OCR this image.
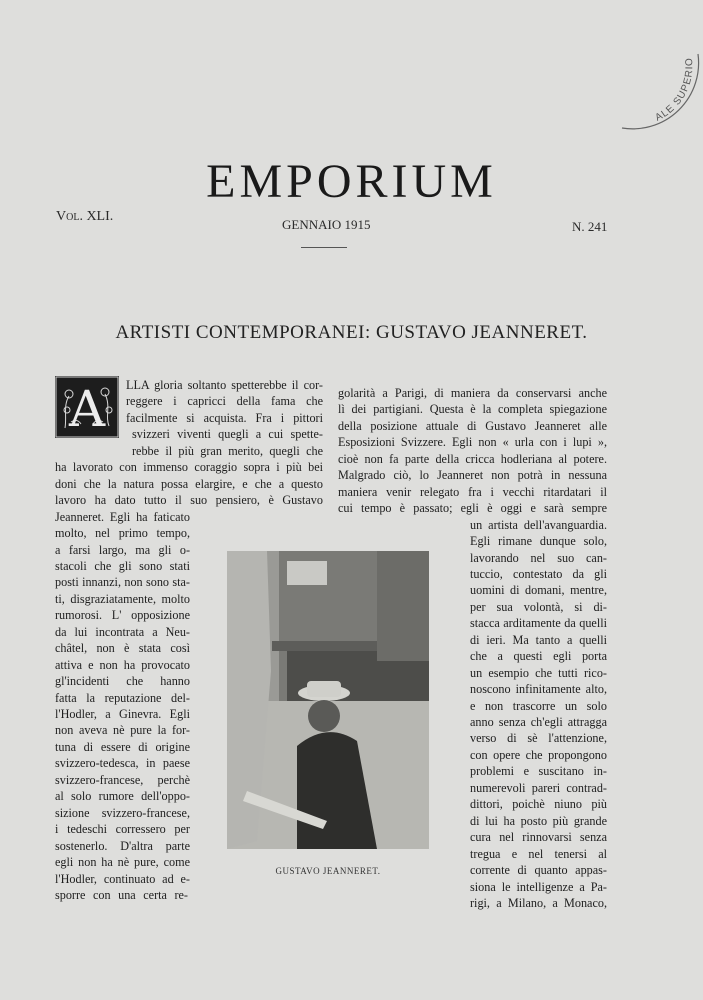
ALE SUPERIO
EMPORIUM
Vol. XLI.
GENNAIO 1915	N. 241
ARTISTI CONTEMPORANEI: GUSTAVO JEANNERET.
A LLA gloria soltanto spetterebbe il cor-
reggere i capricci della fama che
facilmente si acquista. Fra i pittori
svizzeri viventi quegli a cui spette-
rebbe il più gran merito, quegli che
ha lavorato con immenso coraggio sopra i più bei
doni che la natura possa elargire, e che a questo
lavoro ha dato tutto il suo pensiero, è Gustavo
Jeanneret. Egli ha faticato
molto, nel primo tempo,
a farsi largo, ma gli o-
stacoli che gli sono stati
posti innanzi, non sono sta-
ti, disgraziatamente, molto
rumorosi. L' opposizione
da lui incontrata a Neu-
châtel, non è stata così
attiva e non ha provocato
gl'incidenti che hanno
fatta la reputazione del-
l'Hodler, a Ginevra. Egli
non aveva nè pure la for-
tuna di essere di origine
svizzero-tedesca, in paese
svizzero-francese, perchè
al solo rumore dell'oppo-
sizione svizzero-francese,
i tedeschi corressero per
sostenerlo. D'altra parte
egli non ha nè pure, come
l'Hodler, continuato ad e-
sporre con una certa re-
golarità a Parigi, di maniera da conservarsi anche
lì dei partigiani. Questa è la completa spiegazione
della posizione attuale di Gustavo Jeanneret alle
Esposizioni Svizzere. Egli non « urla con i lupi »,
cioè non fa parte della cricca hodleriana al potere.
Malgrado ciò, lo Jeanneret non potrà in nessuna
maniera venir relegato fra i vecchi ritardatari il
cui tempo è passato; egli è oggi e sarà sempre
un artista dell'avanguardia.
Egli rimane dunque solo,
lavorando nel suo can-
tuccio, contestato da gli
uomini di domani, mentre,
per sua volontà, si di-
stacca arditamente da quelli
di ieri. Ma tanto a quelli
che a questi egli porta
un esempio che tutti rico-
noscono infinitamente alto,
e non trascorre un solo
anno senza ch'egli attragga
verso di sè l'attenzione,
con opere che propongono
problemi e suscitano in-
numerevoli pareri contrad-
dittori, poichè niuno più
di lui ha posto più grande
cura nel rinnovarsi senza
tregua e nel tenersi al
corrente di quanto appas-
siona le intelligenze a Pa-
rigi, a Milano, a Monaco,
GUSTAVO JEANNERET.
